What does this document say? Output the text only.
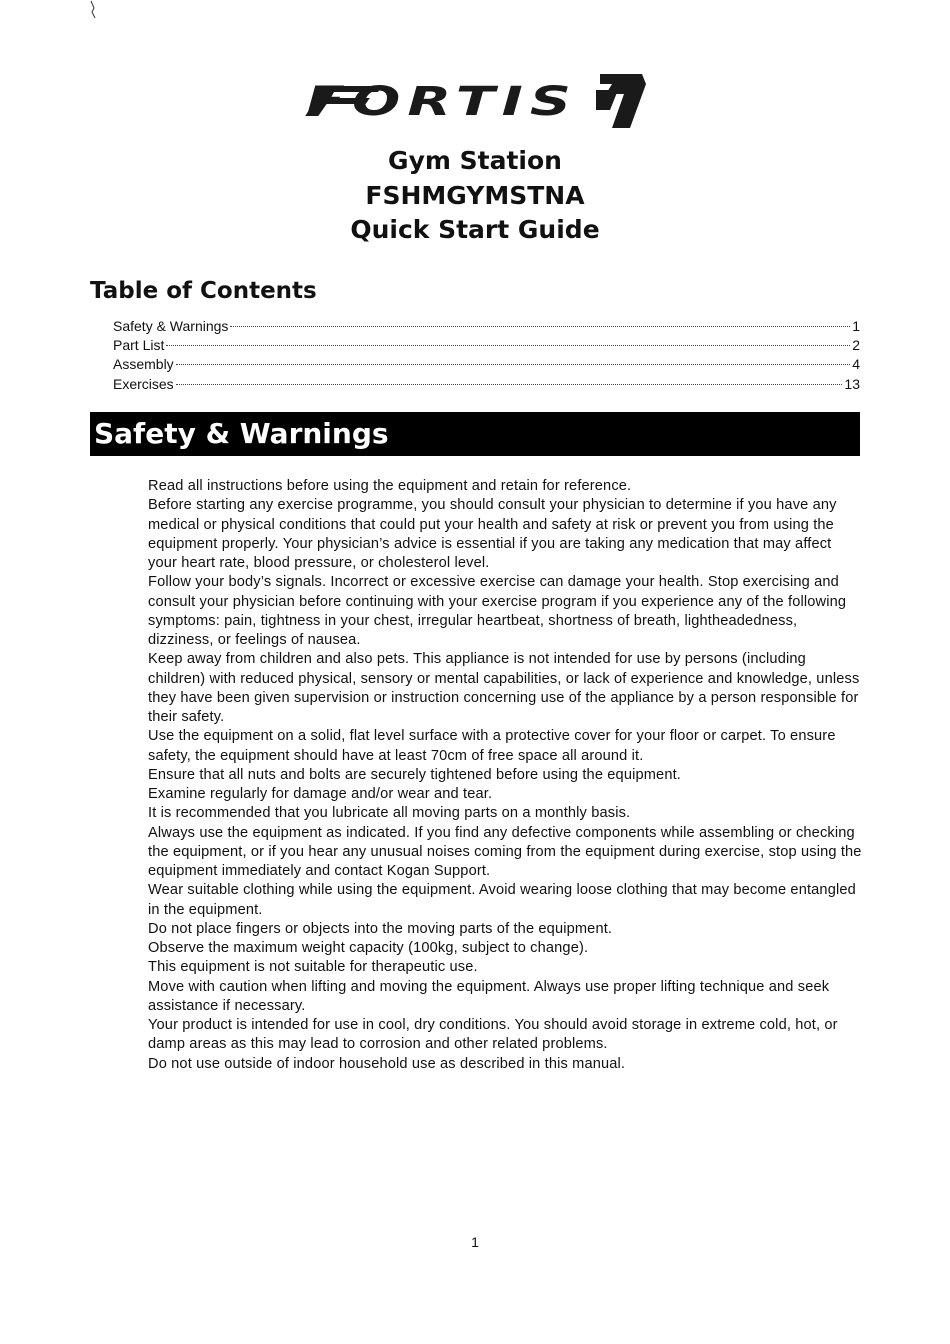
FORTIS
Gym Station
FSHMGYMSTNA
Quick Start Guide
Table of Contents
Safety & Warnings	1
Part List	2
Assembly	4
Exercises	13
Safety & Warnings
Read all instructions before using the equipment and retain for reference.
Before starting any exercise programme, you should consult your physician to determine if you have any medical or physical conditions that could put your health and safety at risk or prevent you from using the equipment properly. Your physician’s advice is essential if you are taking any medication that may affect your heart rate, blood pressure, or cholesterol level.
Follow your body’s signals. Incorrect or excessive exercise can damage your health. Stop exercising and consult your physician before continuing with your exercise program if you experience any of the following symptoms: pain, tightness in your chest, irregular heartbeat, shortness of breath, lightheadedness, dizziness, or feelings of nausea.
Keep away from children and also pets. This appliance is not intended for use by persons (including children) with reduced physical, sensory or mental capabilities, or lack of experience and knowledge, unless they have been given supervision or instruction concerning use of the appliance by a person responsible for their safety.
Use the equipment on a solid, flat level surface with a protective cover for your floor or carpet. To ensure safety, the equipment should have at least 70cm of free space all around it.
Ensure that all nuts and bolts are securely tightened before using the equipment.
Examine regularly for damage and/or wear and tear.
It is recommended that you lubricate all moving parts on a monthly basis.
Always use the equipment as indicated. If you find any defective components while assembling or checking the equipment, or if you hear any unusual noises coming from the equipment during exercise, stop using the equipment immediately and contact Kogan Support.
Wear suitable clothing while using the equipment. Avoid wearing loose clothing that may become entangled in the equipment.
Do not place fingers or objects into the moving parts of the equipment.
Observe the maximum weight capacity (100kg, subject to change).
This equipment is not suitable for therapeutic use.
Move with caution when lifting and moving the equipment. Always use proper lifting technique and seek assistance if necessary.
Your product is intended for use in cool, dry conditions. You should avoid storage in extreme cold, hot, or damp areas as this may lead to corrosion and other related problems.
Do not use outside of indoor household use as described in this manual.
1
